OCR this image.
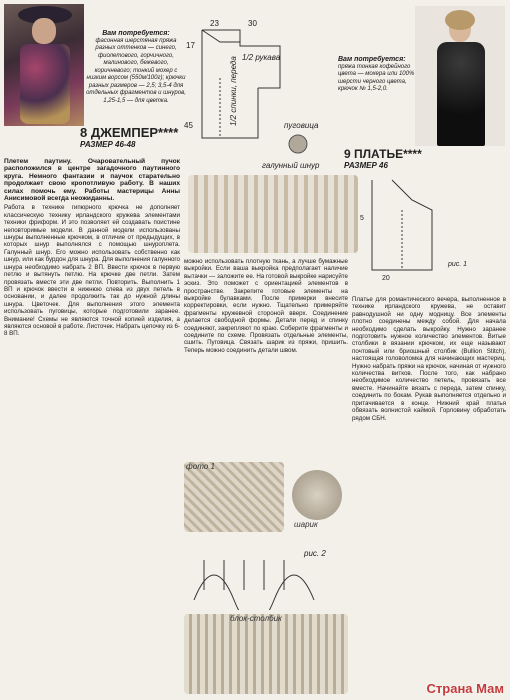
Вам потребуется:
фасонная шерстяная пряжа разных оттенков — синего, фиолетового, горчичного, малинового, бежевого, коричневого; тонкий мохер с низким ворсом (550м/100г); крючки разных размеров — 2,5; 3,5-4 для отдельных фрагментов и шнуров, 1,25-1,5 — для цветка.
8 ДЖЕМПЕР****
РАЗМЕР 46-48
23	30
17
1/2 рукава
45	1/2 спинки, переда	пуговица
галунный шнур
Вам потребуется:
пряжа тонкая кофейного цвета — мохера или 100% шерсти черного цвета, крючок № 1,5-2,0.
9 ПЛАТЬЕ****
РАЗМЕР 46
20
5
рис. 1

Плетем паутину. Очаровательный пучок расположился в центре загадочного паутинного круга. Немного фантазии и паучок старательно продолжает свою кропотливую работу. В наших силах помочь ему. Работы мастерицы Анны Анисимовой всегда неожиданны.

Работа в технике гипюрного крючка не дополняет классическую технику ирландского кружева элементами техники фриформ. И это позволяет ей создавать поистине неповторимые модели. В данной модели использованы шнуры выполненные крючком, в отличие от предыдущих, в которых шнур выполнялся с помощью шнуроплета. Галунный шнур. Его можно использовать собственно как шнур, или как бурдон для шнура. Для выполнения галунного шнура необходимо набрать 2 ВП. Ввести крючок в первую петлю и вытянуть петлю. На крючке две петли. Затем провязать вместе эти две петли. Повторить. Выполнить 1 ВП и крючок ввести в нижнюю слева из двух петель в основании, и далее продолжить так до нужной длины шнура. Цветочек. Для выполнения этого элемента использовать пуговицы, которые подготовили заранее. Внимание! Схемы не являются точной копией изделия, а являются основой в работе. Листочек. Набрать цепочку из 6-8 ВП.

можно использовать плотную ткань, а лучше бумажные выкройки. Если ваша выкройка предполагает наличие вытачки — заложите ее. На готовой выкройке нарисуйте эскиз. Это поможет с ориентацией элементов в пространстве. Закрепите готовые элементы на выкройке булавками. После примерки внесите корректировки, если нужно. Тщательно примеряйте фрагменты кружевной стороной вверх. Соединение делается свободной формы. Детали перед и спинку соединяют, закрепляют по краю. Соберите фрагменты и соедините по схеме. Провязать отдельные элементы, сшить. Пуговица. Связать шарик из пряжи, пришить. Теперь можно соединить детали швом.

фото 1
шарик
рис. 2
блок-столбик

Платье для романтического вечера, выполненное в технике ирландского кружева, не оставит равнодушной ни одну модницу. Все элементы плотно соединены между собой. Для начала необходимо сделать выкройку. Нужно заранее подготовить нужное количество элементов. Витые столбики в вязании крючком, их еще называют почтовый или бриошный столбик (Bullion Stitch), настоящая головоломка для начинающих мастериц. Нужно набрать пряжи на крючок, начиная от нужного количества витков. После того, как набрано необходимое количество петель, провязать все вместе. Начинайте вязать с переда, затем спинку, соединить по бокам. Рукав выполняется отдельно и притачивается в конце. Нижний край платья обвязать волнистой каймой. Горловину обработать рядом СБН.

Страна Мам
